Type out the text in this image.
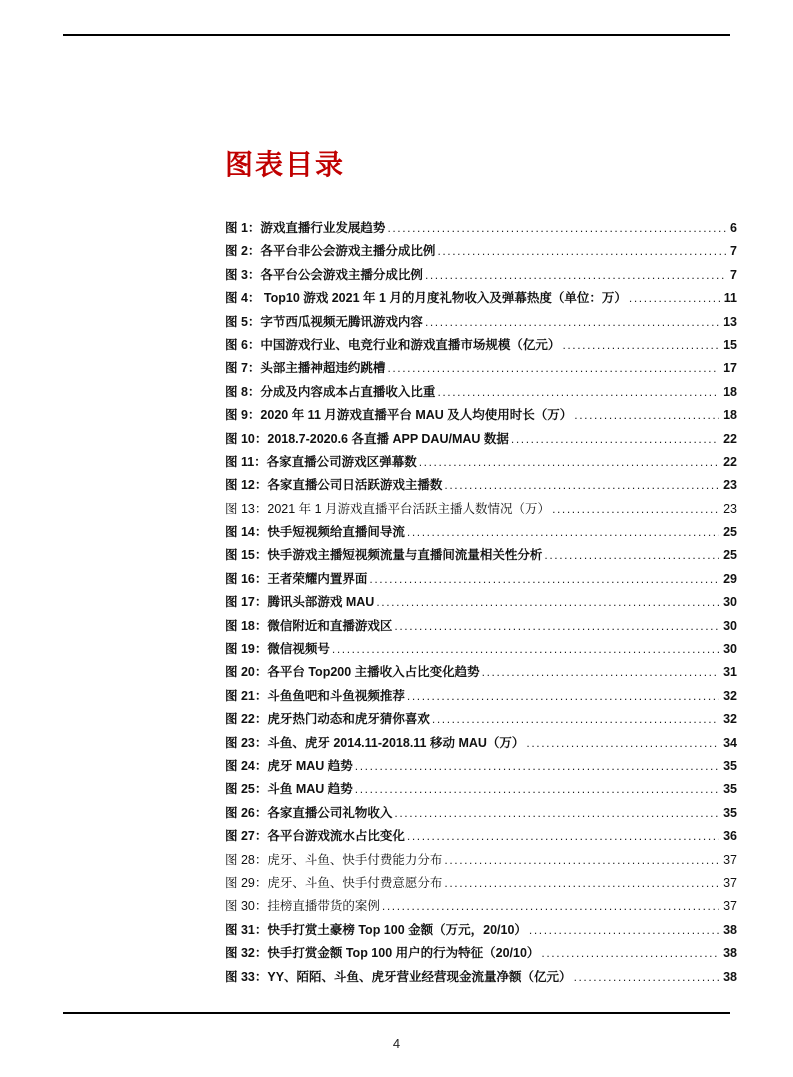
图表目录
图 1：游戏直播行业发展趋势 .....	6
图 2：各平台非公会游戏主播分成比例 .....	7
图 3：各平台公会游戏主播分成比例 .....	7
图 4： Top10 游戏 2021 年 1 月的月度礼物收入及弹幕热度（单位：万） .....	11
图 5：字节西瓜视频无腾讯游戏内容 .....	13
图 6：中国游戏行业、电竞行业和游戏直播市场规模（亿元） .....	15
图 7：头部主播神超违约跳槽 .....	17
图 8：分成及内容成本占直播收入比重 .....	18
图 9：2020 年 11 月游戏直播平台 MAU 及人均使用时长（万） .....	18
图 10：2018.7-2020.6 各直播 APP DAU/MAU 数据 .....	22
图 11：各家直播公司游戏区弹幕数 .....	22
图 12：各家直播公司日活跃游戏主播数 .....	23
图 13：2021 年 1 月游戏直播平台活跃主播人数情况（万） .....	23
图 14：快手短视频给直播间导流 .....	25
图 15：快手游戏主播短视频流量与直播间流量相关性分析 .....	25
图 16：王者荣耀内置界面 .....	29
图 17：腾讯头部游戏 MAU .....	30
图 18：微信附近和直播游戏区 .....	30
图 19：微信视频号 .....	30
图 20：各平台 Top200 主播收入占比变化趋势 .....	31
图 21：斗鱼鱼吧和斗鱼视频推荐 .....	32
图 22：虎牙热门动态和虎牙猜你喜欢 .....	32
图 23：斗鱼、虎牙 2014.11-2018.11 移动 MAU（万） .....	34
图 24：虎牙 MAU 趋势 .....	35
图 25：斗鱼 MAU 趋势 .....	35
图 26：各家直播公司礼物收入 .....	35
图 27：各平台游戏流水占比变化 .....	36
图 28：虎牙、斗鱼、快手付费能力分布 .....	37
图 29：虎牙、斗鱼、快手付费意愿分布 .....	37
图 30：挂榜直播带货的案例 .....	37
图 31：快手打赏土豪榜 Top 100 金额（万元，20/10） .....	38
图 32：快手打赏金额 Top 100 用户的行为特征（20/10） .....	38
图 33：YY、陌陌、斗鱼、虎牙营业经营现金流量净额（亿元） .....	38
4
